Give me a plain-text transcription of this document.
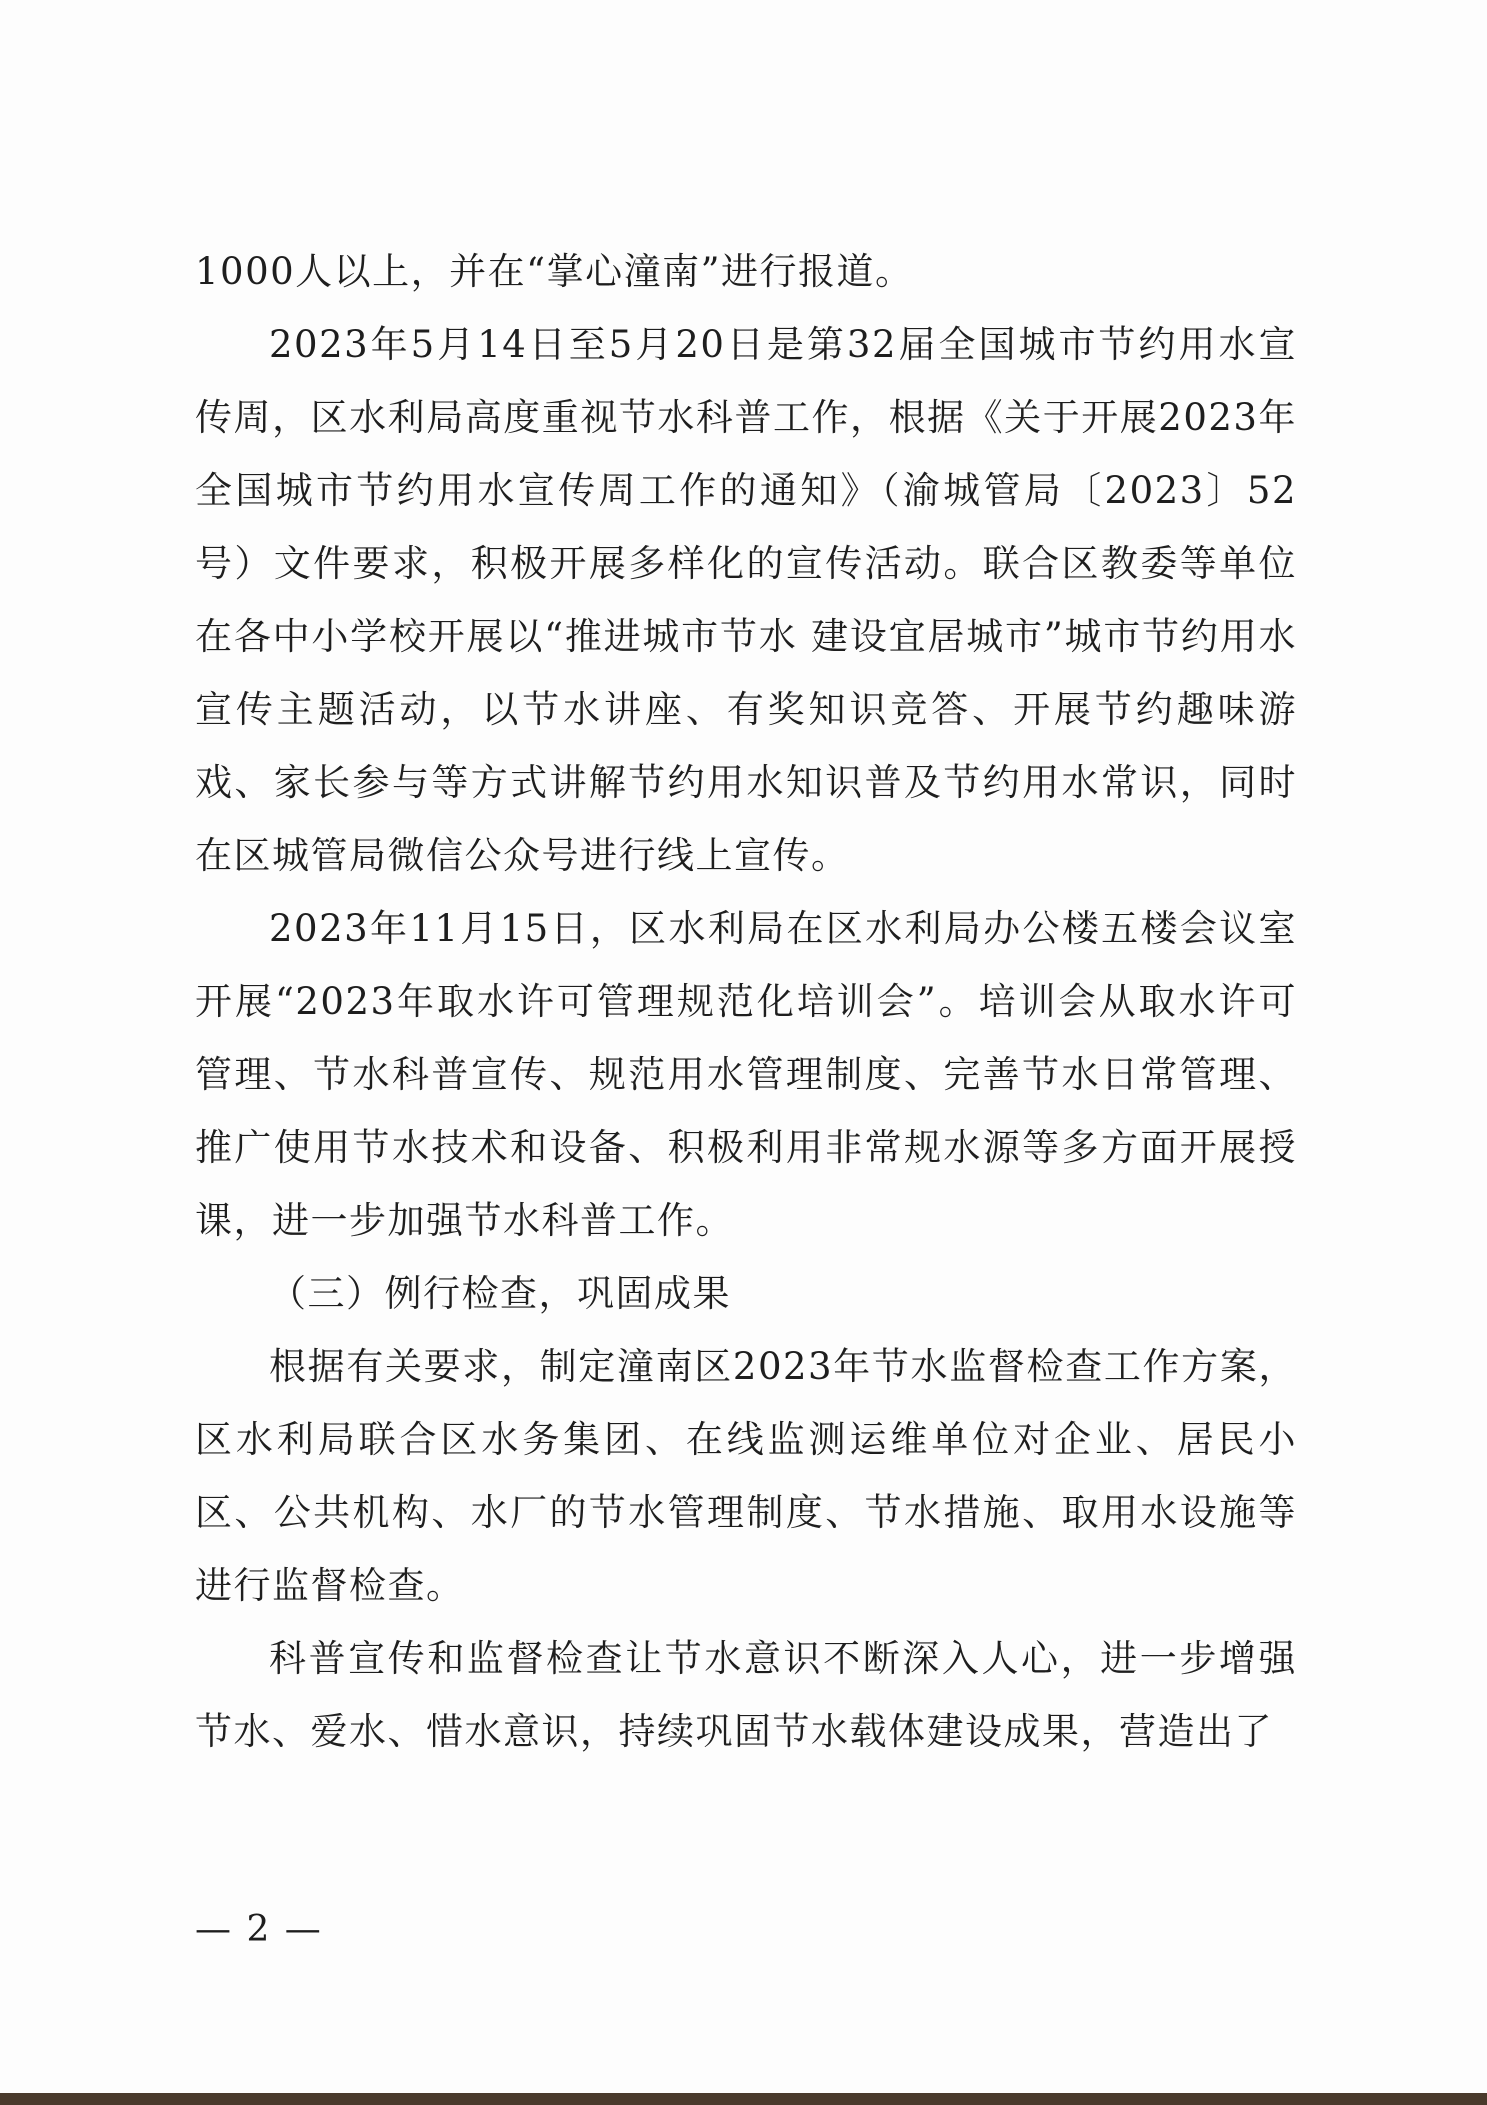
1000人以上，并在“掌心潼南”进行报道。

2023年5月14日至5月20日是第32届全国城市节约用水宣传周，区水利局高度重视节水科普工作，根据《关于开展2023年全国城市节约用水宣传周工作的通知》（渝城管局〔2023〕52号）文件要求，积极开展多样化的宣传活动。联合区教委等单位在各中小学校开展以“推进城市节水 建设宜居城市”城市节约用水宣传主题活动，以节水讲座、有奖知识竞答、开展节约趣味游戏、家长参与等方式讲解节约用水知识普及节约用水常识，同时在区城管局微信公众号进行线上宣传。

2023年11月15日，区水利局在区水利局办公楼五楼会议室开展“2023年取水许可管理规范化培训会”。培训会从取水许可管理、节水科普宣传、规范用水管理制度、完善节水日常管理、推广使用节水技术和设备、积极利用非常规水源等多方面开展授课，进一步加强节水科普工作。

（三）例行检查，巩固成果

根据有关要求，制定潼南区2023年节水监督检查工作方案，区水利局联合区水务集团、在线监测运维单位对企业、居民小区、公共机构、水厂的节水管理制度、节水措施、取用水设施等进行监督检查。

科普宣传和监督检查让节水意识不断深入人心，进一步增强节水、爱水、惜水意识，持续巩固节水载体建设成果，营造出了

— 2 —
